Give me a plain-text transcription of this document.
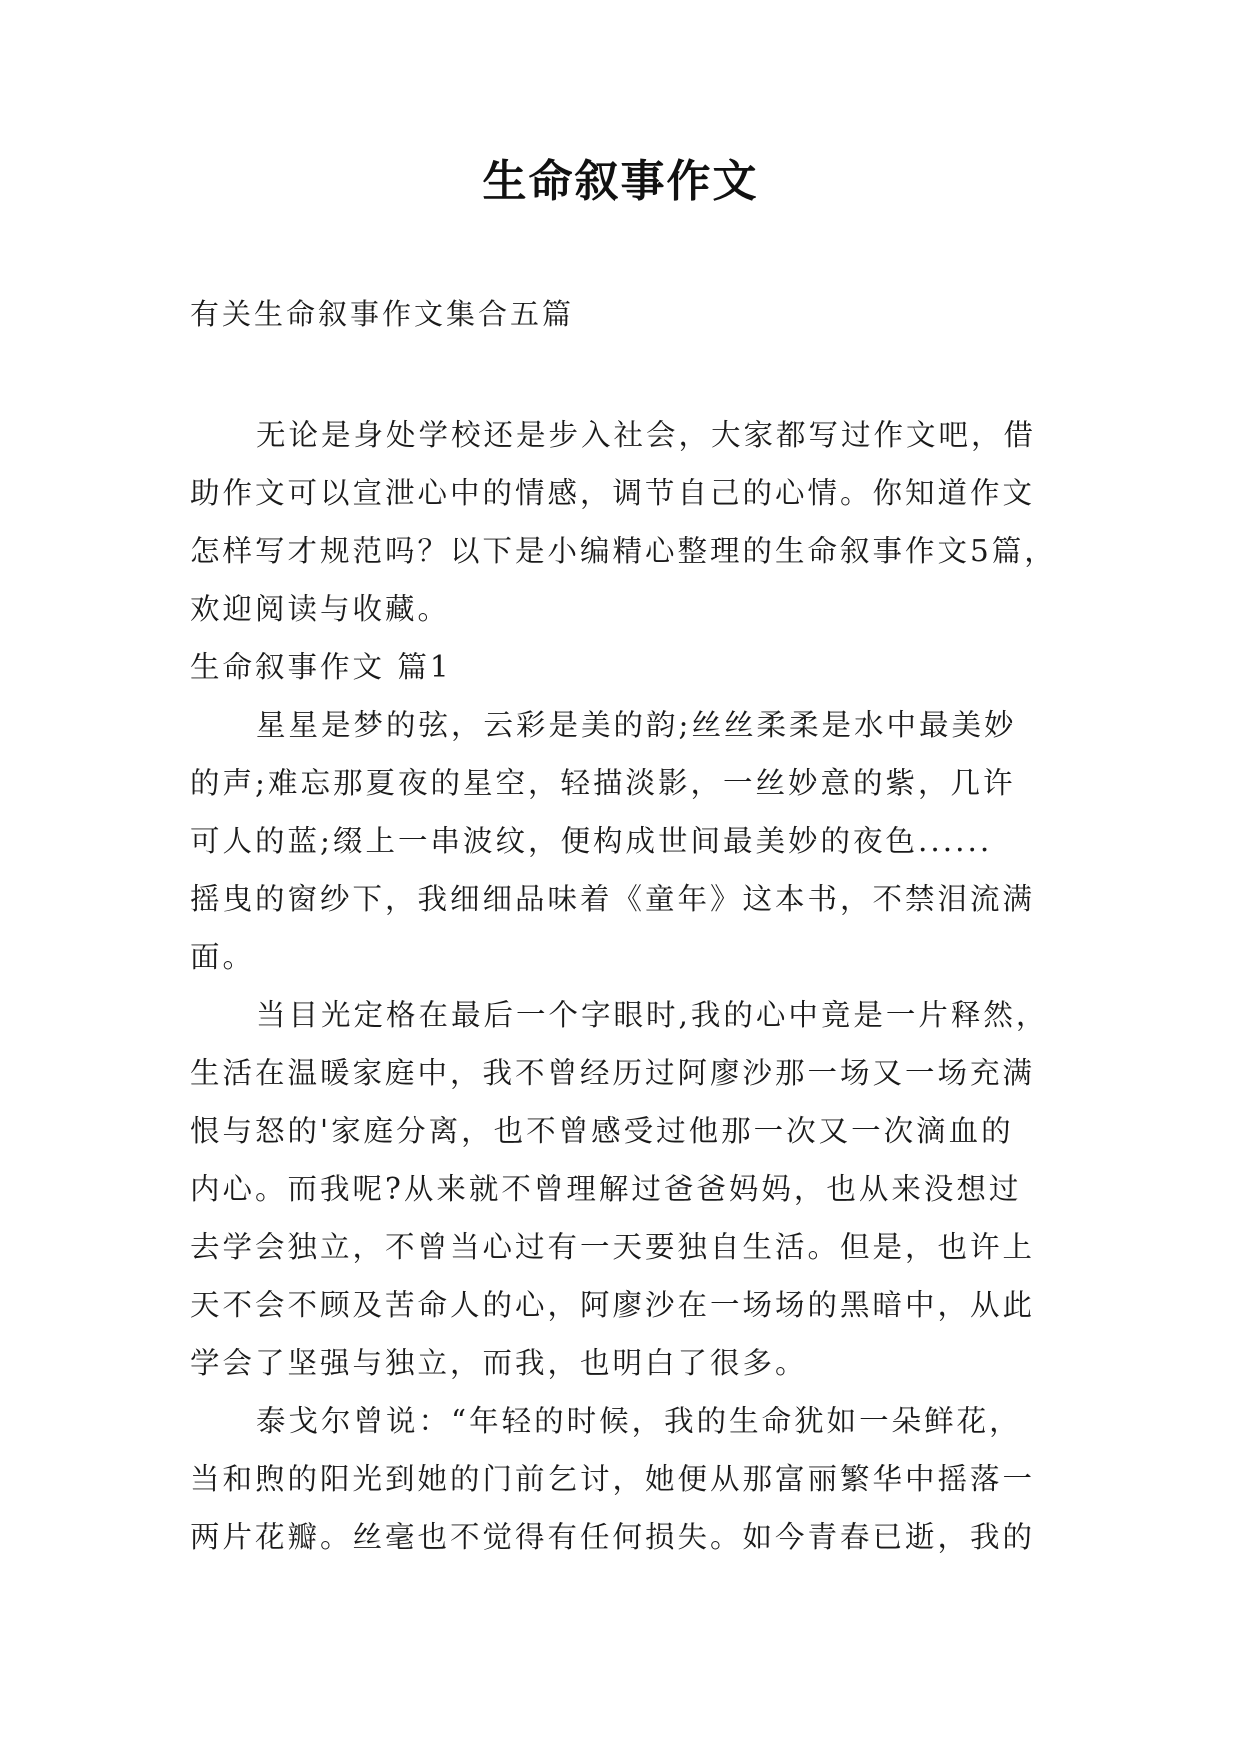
生命叙事作文
有关生命叙事作文集合五篇
无论是身处学校还是步入社会，大家都写过作文吧，借
助作文可以宣泄心中的情感，调节自己的心情。你知道作文
怎样写才规范吗？以下是小编精心整理的生命叙事作文5篇，
欢迎阅读与收藏。
生命叙事作文 篇1
星星是梦的弦，云彩是美的韵;丝丝柔柔是水中最美妙
的声;难忘那夏夜的星空，轻描淡影，一丝妙意的紫，几许
可人的蓝;缀上一串波纹，便构成世间最美妙的夜色......
摇曳的窗纱下，我细细品味着《童年》这本书，不禁泪流满
面。
当目光定格在最后一个字眼时,我的心中竟是一片释然，
生活在温暖家庭中，我不曾经历过阿廖沙那一场又一场充满
恨与怒的'家庭分离，也不曾感受过他那一次又一次滴血的
内心。而我呢?从来就不曾理解过爸爸妈妈，也从来没想过
去学会独立，不曾当心过有一天要独自生活。但是，也许上
天不会不顾及苦命人的心，阿廖沙在一场场的黑暗中，从此
学会了坚强与独立，而我，也明白了很多。
泰戈尔曾说：“年轻的时候，我的生命犹如一朵鲜花，
当和煦的阳光到她的门前乞讨，她便从那富丽繁华中摇落一
两片花瓣。丝毫也不觉得有任何损失。如今青春已逝，我的
